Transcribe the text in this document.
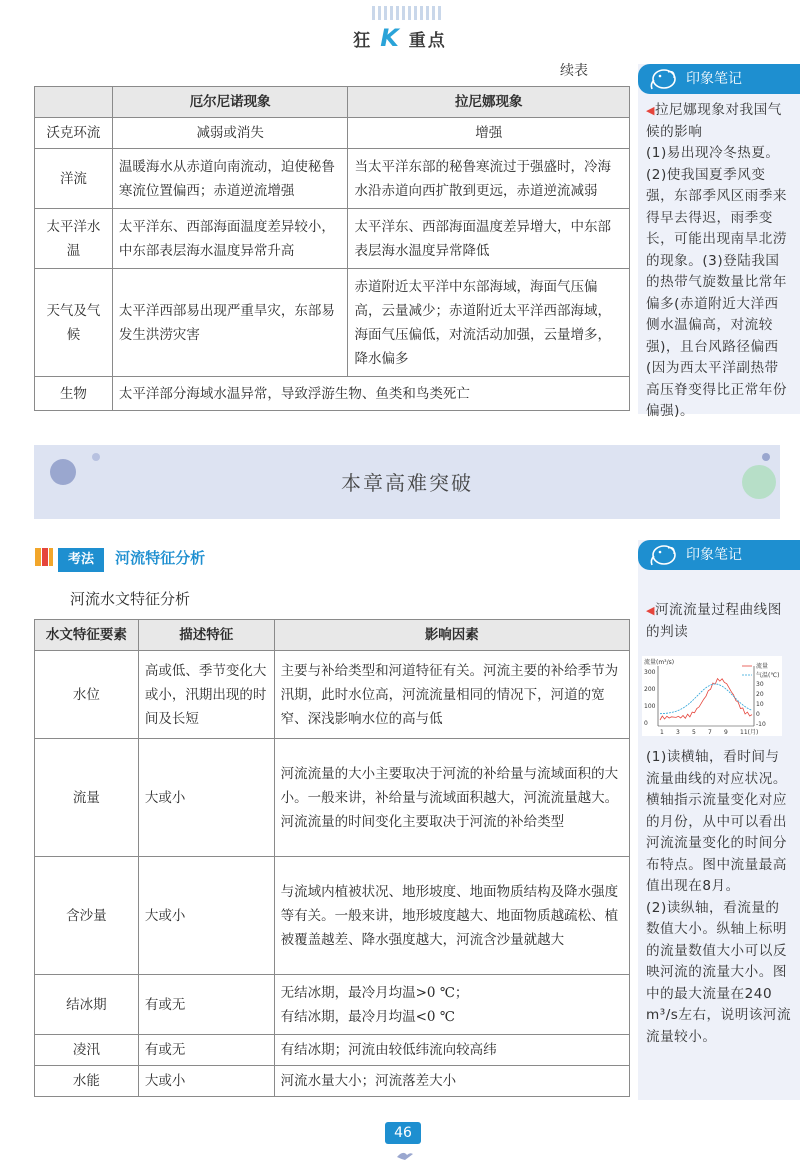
狂 K 重点
续表
	厄尔尼诺现象	拉尼娜现象
沃克环流	减弱或消失	增强
洋流	温暖海水从赤道向南流动，迫使秘鲁寒流位置偏西；赤道逆流增强	当太平洋东部的秘鲁寒流过于强盛时，冷海水沿赤道向西扩散到更远，赤道逆流减弱
太平洋水温	太平洋东、西部海面温度差异较小，中东部表层海水温度异常升高	太平洋东、西部海面温度差异增大，中东部表层海水温度异常降低
天气及气候	太平洋西部易出现严重旱灾，东部易发生洪涝灾害	赤道附近太平洋中东部海域，海面气压偏高，云量减少；赤道附近太平洋西部海域，海面气压偏低，对流活动加强，云量增多，降水偏多
生物	太平洋部分海域水温异常，导致浮游生物、鱼类和鸟类死亡	
印象笔记
◀拉尼娜现象对我国气候的影响
(1)易出现冷冬热夏。(2)使我国夏季风变强，东部季风区雨季来得早去得迟，雨季变长，可能出现南旱北涝的现象。(3)登陆我国的热带气旋数量比常年偏多(赤道附近大洋西侧水温偏高，对流较强)，且台风路径偏西(因为西太平洋副热带高压脊变得比正常年份偏强)。
本章高难突破
考法 河流特征分析
河流水文特征分析
水文特征要素	描述特征	影响因素
水位	高或低、季节变化大或小，汛期出现的时间及长短	主要与补给类型和河道特征有关。河流主要的补给季节为汛期，此时水位高，河流流量相同的情况下，河道的宽窄、深浅影响水位的高与低
流量	大或小	河流流量的大小主要取决于河流的补给量与流域面积的大小。一般来讲，补给量与流域面积越大，河流流量越大。河流流量的时间变化主要取决于河流的补给类型
含沙量	大或小	与流域内植被状况、地形坡度、地面物质结构及降水强度等有关。一般来讲，地形坡度越大、地面物质越疏松、植被覆盖越差、降水强度越大，河流含沙量就越大
结冰期	有或无	无结冰期，最冷月均温>0 ℃；
有结冰期，最冷月均温<0 ℃
凌汛	有或无	有结冰期；河流由较低纬流向较高纬
水能	大或小	河流水量大小；河流落差大小
印象笔记
◀河流流量过程曲线图的判读
(1)读横轴，看时间与流量曲线的对应状况。横轴指示流量变化对应的月份，从中可以看出河流流量变化的时间分布特点。图中流量最高值出现在8月。
(2)读纵轴，看流量的数值大小。纵轴上标明的流量数值大小可以反映河流的流量大小。图中的最大流量在240 m³/s左右，说明该河流流量较小。
流量(m³/s)
300
200
100
0
30
20
10
0
-10
1 3 5 7 9 11(月)
流量
气温(℃)
46
